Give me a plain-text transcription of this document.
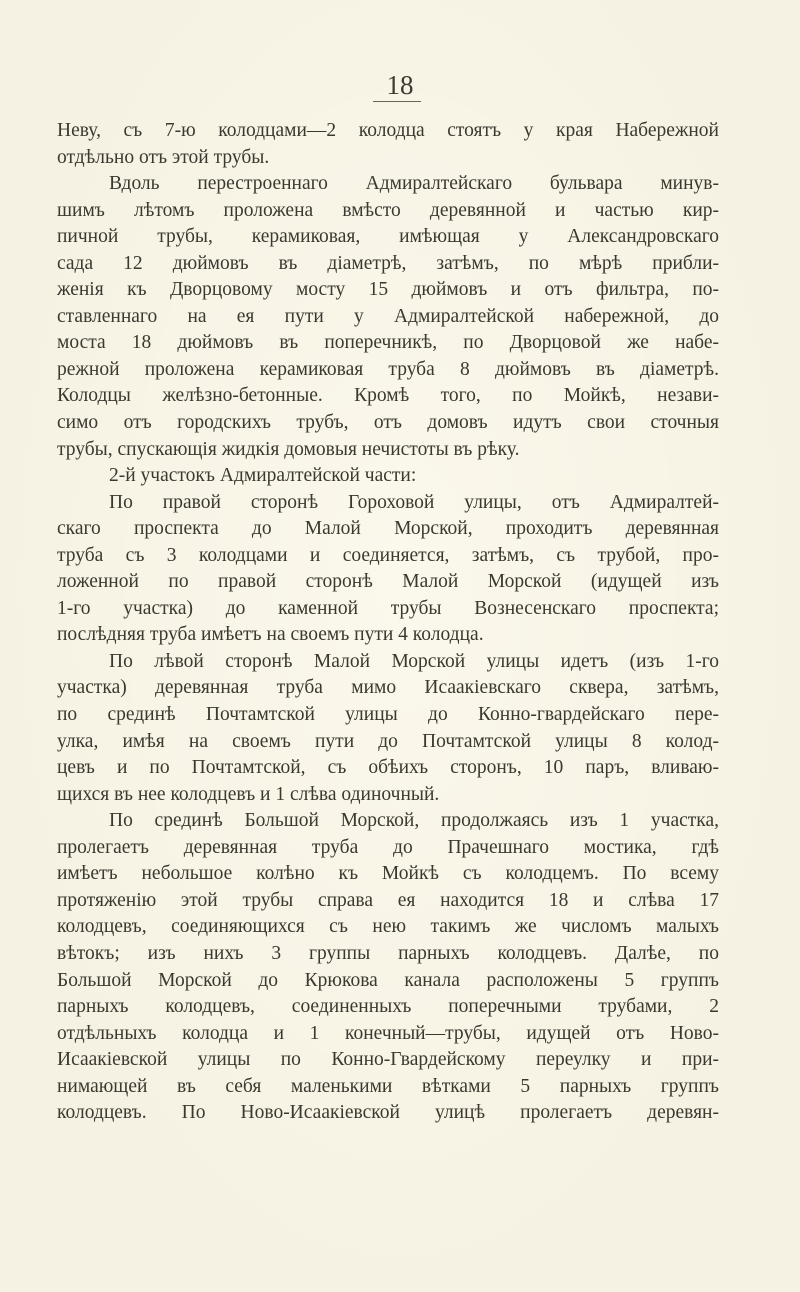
18
Неву, съ 7-ю колодцами—2 колодца стоятъ у края Набережной
отдѣльно отъ этой трубы.
Вдоль перестроеннаго Адмиралтейскаго бульвара минув-
шимъ лѣтомъ проложена вмѣсто деревянной и частью кир-
пичной трубы, керамиковая, имѣющая у Александровскаго
сада 12 дюймовъ въ діаметрѣ, затѣмъ, по мѣрѣ прибли-
женія къ Дворцовому мосту 15 дюймовъ и отъ фильтра, по-
ставленнаго на ея пути у Адмиралтейской набережной, до
моста 18 дюймовъ въ поперечникѣ, по Дворцовой же набе-
режной проложена керамиковая труба 8 дюймовъ въ діаметрѣ.
Колодцы желѣзно-бетонные. Кромѣ того, по Мойкѣ, незави-
симо отъ городскихъ трубъ, отъ домовъ идутъ свои сточныя
трубы, спускающія жидкія домовыя нечистоты въ рѣку.
2-й участокъ Адмиралтейской части:
По правой сторонѣ Гороховой улицы, отъ Адмиралтей-
скаго проспекта до Малой Морской, проходитъ деревянная
труба съ 3 колодцами и соединяется, затѣмъ, съ трубой, про-
ложенной по правой сторонѣ Малой Морской (идущей изъ
1-го участка) до каменной трубы Вознесенскаго проспекта;
послѣдняя труба имѣетъ на своемъ пути 4 колодца.
По лѣвой сторонѣ Малой Морской улицы идетъ (изъ 1-го
участка) деревянная труба мимо Исаакіевскаго сквера, затѣмъ,
по срединѣ Почтамтской улицы до Конно-гвардейскаго пере-
улка, имѣя на своемъ пути до Почтамтской улицы 8 колод-
цевъ и по Почтамтской, съ обѣихъ сторонъ, 10 паръ, вливаю-
щихся въ нее колодцевъ и 1 слѣва одиночный.
По срединѣ Большой Морской, продолжаясь изъ 1 участка,
пролегаетъ деревянная труба до Прачешнаго мостика, гдѣ
имѣетъ небольшое колѣно къ Мойкѣ съ колодцемъ. По всему
протяженію этой трубы справа ея находится 18 и слѣва 17
колодцевъ, соединяющихся съ нею такимъ же числомъ малыхъ
вѣтокъ; изъ нихъ 3 группы парныхъ колодцевъ. Далѣе, по
Большой Морской до Крюкова канала расположены 5 группъ
парныхъ колодцевъ, соединенныхъ поперечными трубами, 2
отдѣльныхъ колодца и 1 конечный—трубы, идущей отъ Ново-
Исаакіевской улицы по Конно-Гвардейскому переулку и при-
нимающей въ себя маленькими вѣтками 5 парныхъ группъ
колодцевъ. По Ново-Исаакіевской улицѣ пролегаетъ деревян-
